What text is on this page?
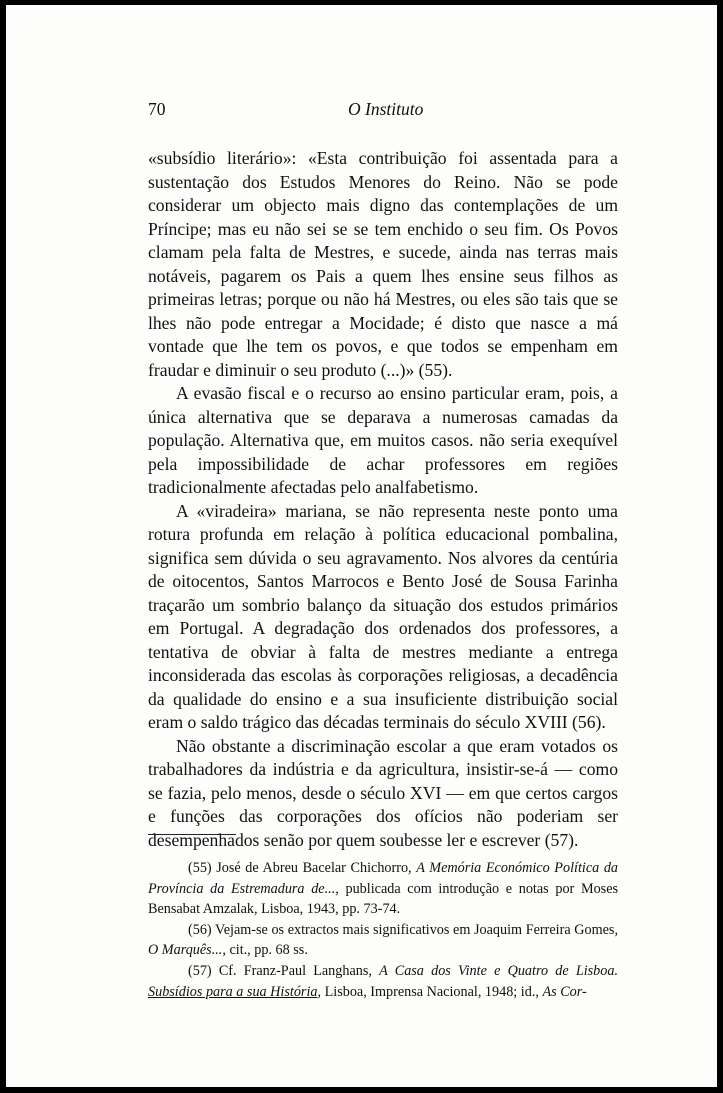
70	O Instituto

«subsídio literário»: «Esta contribuição foi assentada para a sustentação dos Estudos Menores do Reino. Não se pode considerar um objecto mais digno das contemplações de um Príncipe; mas eu não sei se se tem enchido o seu fim. Os Povos clamam pela falta de Mestres, e sucede, ainda nas terras mais notáveis, pagarem os Pais a quem lhes ensine seus filhos as primeiras letras; porque ou não há Mestres, ou eles são tais que se lhes não pode entregar a Mocidade; é disto que nasce a má vontade que lhe tem os povos, e que todos se empenham em fraudar e diminuir o seu produto (...)» (55).

A evasão fiscal e o recurso ao ensino particular eram, pois, a única alternativa que se deparava a numerosas camadas da população. Alternativa que, em muitos casos. não seria exequível pela impossibilidade de achar professores em regiões tradicionalmente afectadas pelo analfabetismo.

A «viradeira» mariana, se não representa neste ponto uma rotura profunda em relação à política educacional pombalina, significa sem dúvida o seu agravamento. Nos alvores da centúria de oitocentos, Santos Marrocos e Bento José de Sousa Farinha traçarão um sombrio balanço da situação dos estudos primários em Portugal. A degradação dos ordenados dos professores, a tentativa de obviar à falta de mestres mediante a entrega inconsiderada das escolas às corporações religiosas, a decadência da qualidade do ensino e a sua insuficiente distribuição social eram o saldo trágico das décadas terminais do século XVIII (56).

Não obstante a discriminação escolar a que eram votados os trabalhadores da indústria e da agricultura, insistir-se-á — como se fazia, pelo menos, desde o século XVI — em que certos cargos e funções das corporações dos ofícios não poderiam ser desempenhados senão por quem soubesse ler e escrever (57).

(55) José de Abreu Bacelar Chichorro, A Memória Económico Política da Província da Estremadura de..., publicada com introdução e notas por Moses Bensabat Amzalak, Lisboa, 1943, pp. 73-74.

(56) Vejam-se os extractos mais significativos em Joaquim Ferreira Gomes, O Marquês..., cit., pp. 68 ss.

(57) Cf. Franz-Paul Langhans, A Casa dos Vinte e Quatro de Lisboa. Subsídios para a sua História, Lisboa, Imprensa Nacional, 1948; id., As Cor-
